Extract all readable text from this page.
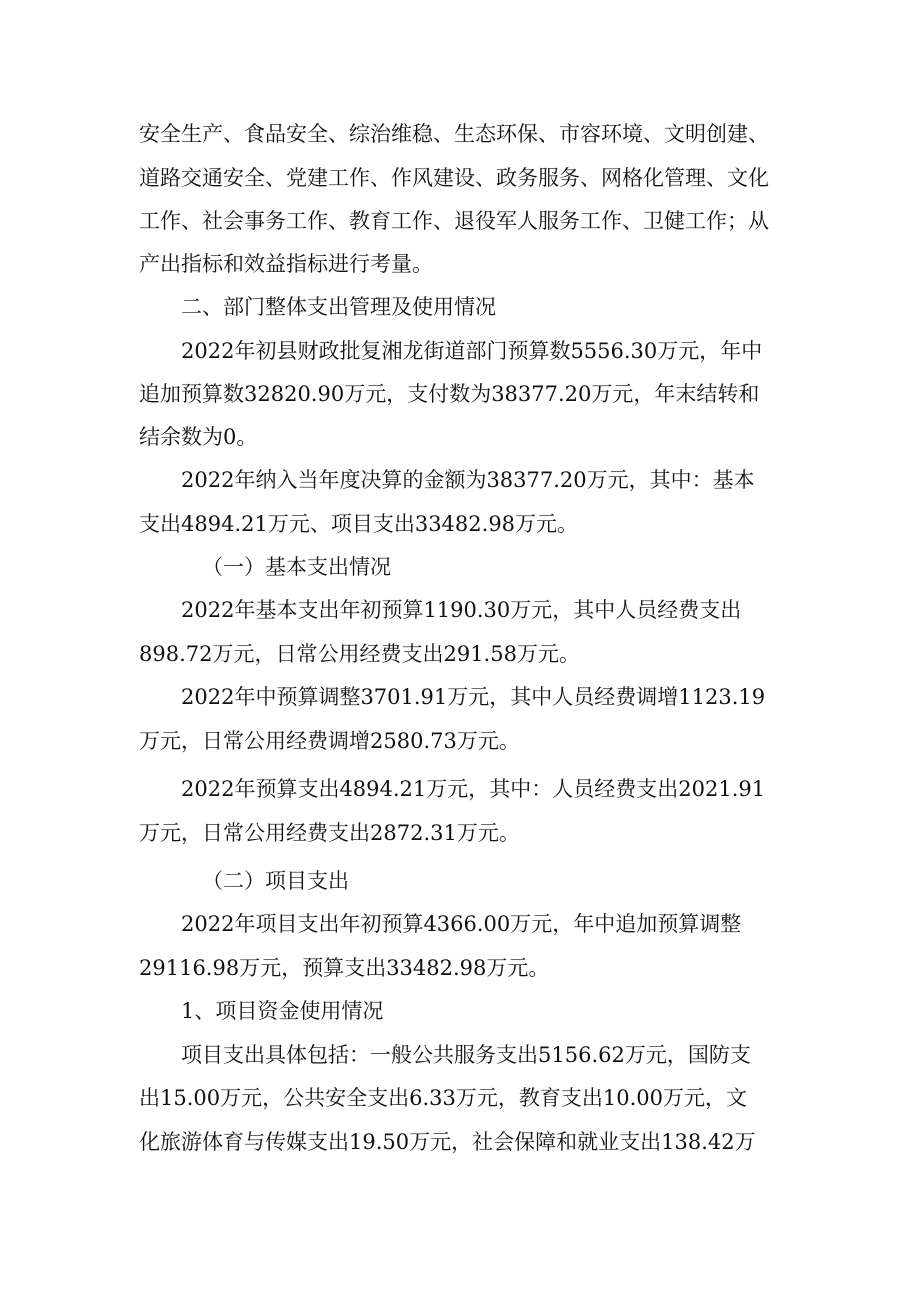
安全生产、食品安全、综治维稳、生态环保、市容环境、文明创建、

道路交通安全、党建工作、作风建设、政务服务、网格化管理、文化

工作、社会事务工作、教育工作、退役军人服务工作、卫健工作；从

产出指标和效益指标进行考量。

二、部门整体支出管理及使用情况

2022年初县财政批复湘龙街道部门预算数5556.30万元，年中

追加预算数32820.90万元，支付数为38377.20万元，年末结转和

结余数为0。

2022年纳入当年度决算的金额为38377.20万元，其中：基本

支出4894.21万元、项目支出33482.98万元。

（一）基本支出情况

2022年基本支出年初预算1190.30万元，其中人员经费支出

898.72万元，日常公用经费支出291.58万元。

2022年中预算调整3701.91万元，其中人员经费调增1123.19

万元，日常公用经费调增2580.73万元。

2022年预算支出4894.21万元，其中：人员经费支出2021.91

万元，日常公用经费支出2872.31万元。

（二）项目支出

2022年项目支出年初预算4366.00万元，年中追加预算调整

29116.98万元，预算支出33482.98万元。

1、项目资金使用情况

项目支出具体包括：一般公共服务支出5156.62万元，国防支

出15.00万元，公共安全支出6.33万元，教育支出10.00万元，文

化旅游体育与传媒支出19.50万元，社会保障和就业支出138.42万
